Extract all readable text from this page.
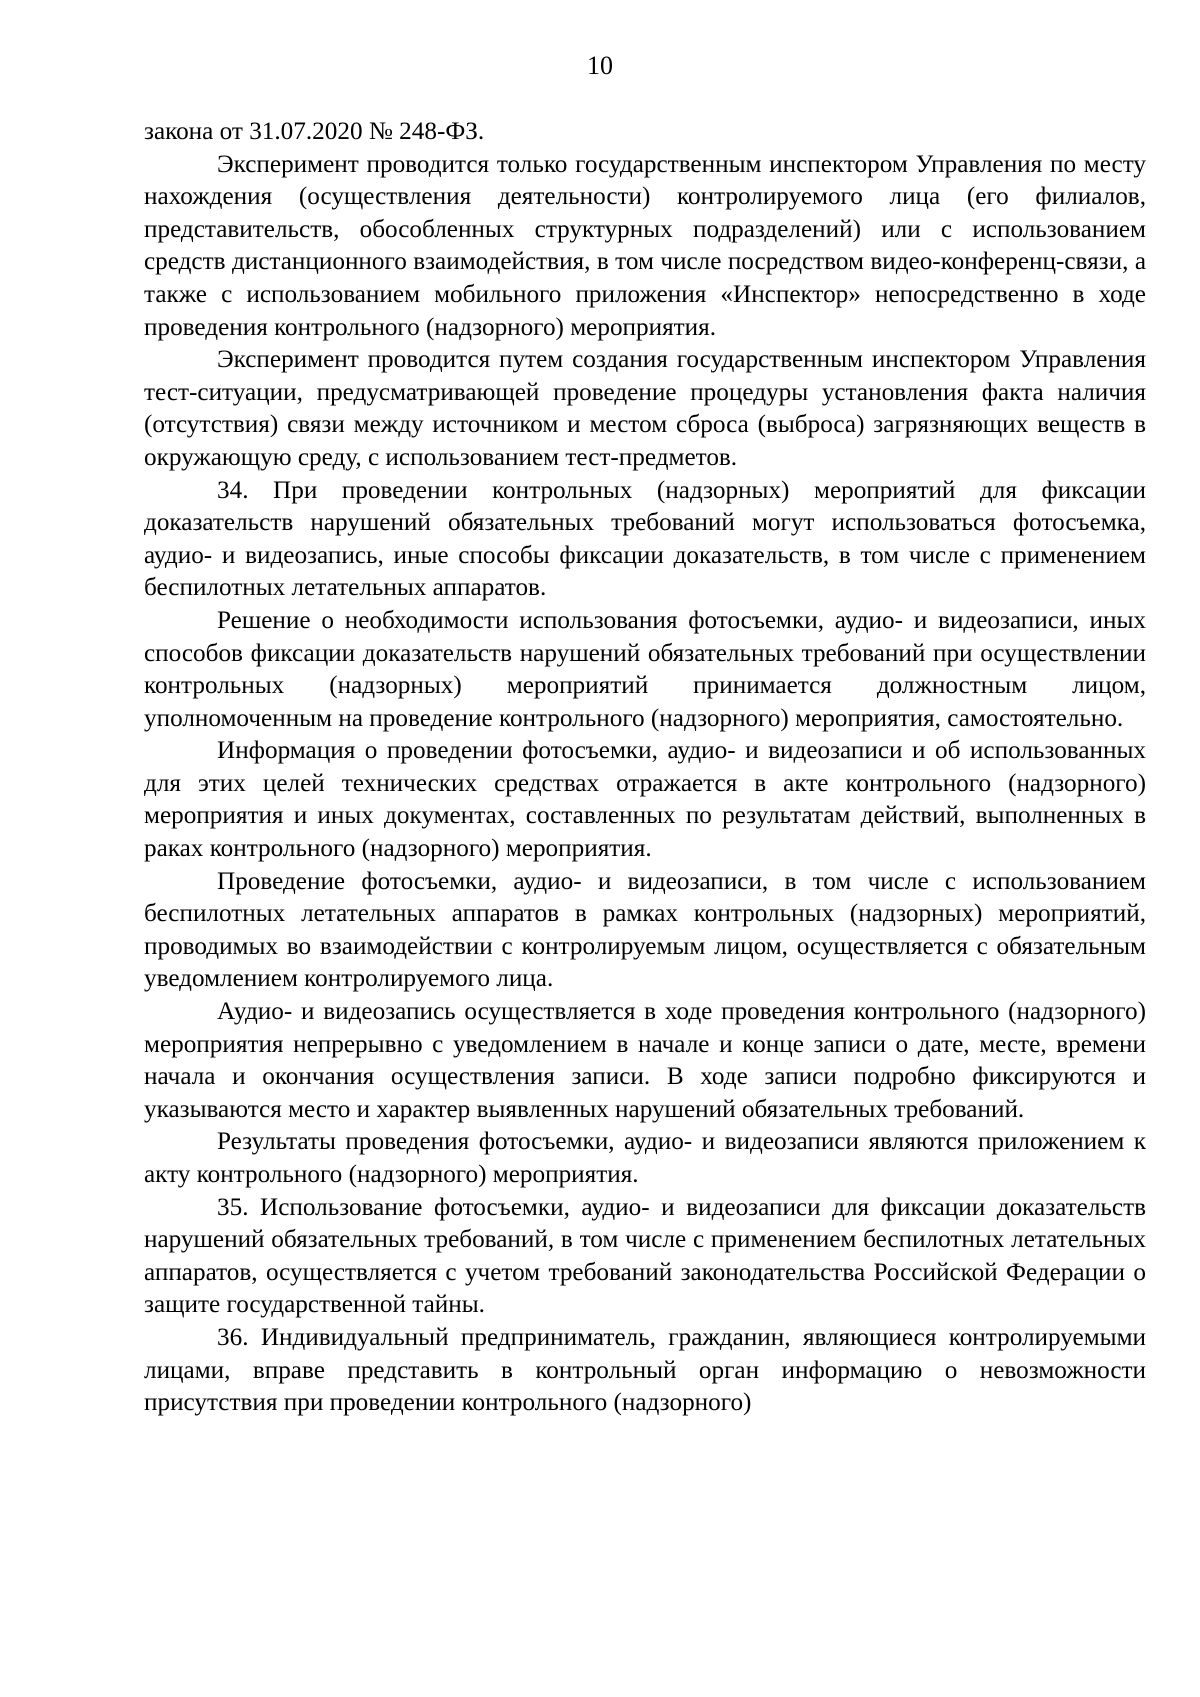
10

закона от 31.07.2020 № 248-ФЗ.

Эксперимент проводится только государственным инспектором Управления по месту нахождения (осуществления деятельности) контролируемого лица (его филиалов, представительств, обособленных структурных подразделений) или с использованием средств дистанционного взаимодействия, в том числе посредством видео-конференц-связи, а также с использованием мобильного приложения «Инспектор» непосредственно в ходе проведения контрольного (надзорного) мероприятия.

Эксперимент проводится путем создания государственным инспектором Управления тест-ситуации, предусматривающей проведение процедуры установления факта наличия (отсутствия) связи между источником и местом сброса (выброса) загрязняющих веществ в окружающую среду, с использованием тест-предметов.

34. При проведении контрольных (надзорных) мероприятий для фиксации доказательств нарушений обязательных требований могут использоваться фотосъемка, аудио- и видеозапись, иные способы фиксации доказательств, в том числе с применением беспилотных летательных аппаратов.

Решение о необходимости использования фотосъемки, аудио- и видеозаписи, иных способов фиксации доказательств нарушений обязательных требований при осуществлении контрольных (надзорных) мероприятий принимается должностным лицом, уполномоченным на проведение контрольного (надзорного) мероприятия, самостоятельно.

Информация о проведении фотосъемки, аудио- и видеозаписи и об использованных для этих целей технических средствах отражается в акте контрольного (надзорного) мероприятия и иных документах, составленных по результатам действий, выполненных в раках контрольного (надзорного) мероприятия.

Проведение фотосъемки, аудио- и видеозаписи, в том числе с использованием беспилотных летательных аппаратов в рамках контрольных (надзорных) мероприятий, проводимых во взаимодействии с контролируемым лицом, осуществляется с обязательным уведомлением контролируемого лица.

Аудио- и видеозапись осуществляется в ходе проведения контрольного (надзорного) мероприятия непрерывно с уведомлением в начале и конце записи о дате, месте, времени начала и окончания осуществления записи. В ходе записи подробно фиксируются и указываются место и характер выявленных нарушений обязательных требований.

Результаты проведения фотосъемки, аудио- и видеозаписи являются приложением к акту контрольного (надзорного) мероприятия.

35. Использование фотосъемки, аудио- и видеозаписи для фиксации доказательств нарушений обязательных требований, в том числе с применением беспилотных летательных аппаратов, осуществляется с учетом требований законодательства Российской Федерации о защите государственной тайны.

36. Индивидуальный предприниматель, гражданин, являющиеся контролируемыми лицами, вправе представить в контрольный орган информацию о невозможности присутствия при проведении контрольного (надзорного)
